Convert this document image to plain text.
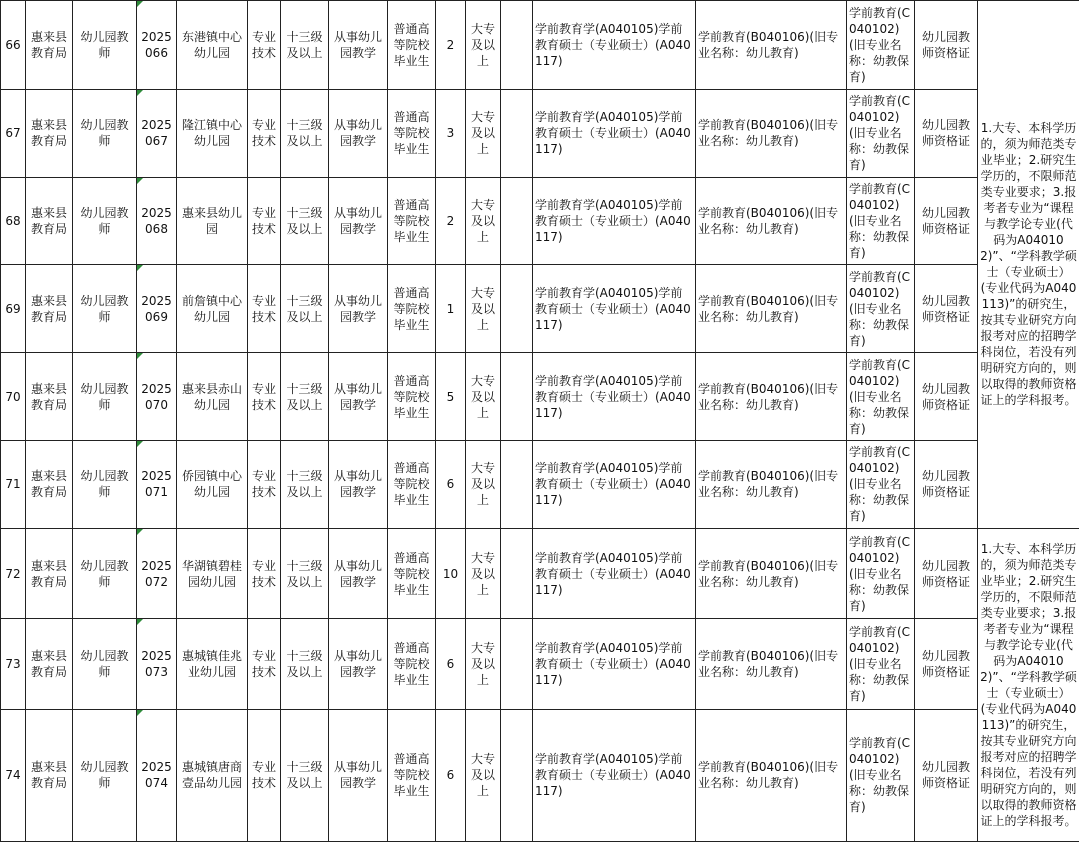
66	惠来县教育局	幼儿园教师	2025066	东港镇中心幼儿园	专业技术	十三级及以上	从事幼儿园教学	普通高等院校毕业生	2	大专及以上		学前教育学(A040105)学前教育硕士（专业硕士）(A040117)	学前教育(B040106)(旧专业名称：幼儿教育)	学前教育(C040102)(旧专业名称：幼教保育)	幼儿园教师资格证	1.大专、本科学历的，须为师范类专业毕业；2.研究生学历的，不限师范类专业要求；3.报考者专业为“课程与教学论专业(代码为A040102)”、“学科教学硕士（专业硕士）(专业代码为A040113)”的研究生，按其专业研究方向报考对应的招聘学科岗位，若没有列明研究方向的，则以取得的教师资格证上的学科报考。
67	惠来县教育局	幼儿园教师	2025067	隆江镇中心幼儿园	专业技术	十三级及以上	从事幼儿园教学	普通高等院校毕业生	3	大专及以上		学前教育学(A040105)学前教育硕士（专业硕士）(A040117)	学前教育(B040106)(旧专业名称：幼儿教育)	学前教育(C040102)(旧专业名称：幼教保育)	幼儿园教师资格证	
68	惠来县教育局	幼儿园教师	2025068	惠来县幼儿园	专业技术	十三级及以上	从事幼儿园教学	普通高等院校毕业生	2	大专及以上		学前教育学(A040105)学前教育硕士（专业硕士）(A040117)	学前教育(B040106)(旧专业名称：幼儿教育)	学前教育(C040102)(旧专业名称：幼教保育)	幼儿园教师资格证	
69	惠来县教育局	幼儿园教师	2025069	前詹镇中心幼儿园	专业技术	十三级及以上	从事幼儿园教学	普通高等院校毕业生	1	大专及以上		学前教育学(A040105)学前教育硕士（专业硕士）(A040117)	学前教育(B040106)(旧专业名称：幼儿教育)	学前教育(C040102)(旧专业名称：幼教保育)	幼儿园教师资格证	
70	惠来县教育局	幼儿园教师	2025070	惠来县赤山幼儿园	专业技术	十三级及以上	从事幼儿园教学	普通高等院校毕业生	5	大专及以上		学前教育学(A040105)学前教育硕士（专业硕士）(A040117)	学前教育(B040106)(旧专业名称：幼儿教育)	学前教育(C040102)(旧专业名称：幼教保育)	幼儿园教师资格证	
71	惠来县教育局	幼儿园教师	2025071	侨园镇中心幼儿园	专业技术	十三级及以上	从事幼儿园教学	普通高等院校毕业生	6	大专及以上		学前教育学(A040105)学前教育硕士（专业硕士）(A040117)	学前教育(B040106)(旧专业名称：幼儿教育)	学前教育(C040102)(旧专业名称：幼教保育)	幼儿园教师资格证	
72	惠来县教育局	幼儿园教师	2025072	华湖镇碧桂园幼儿园	专业技术	十三级及以上	从事幼儿园教学	普通高等院校毕业生	10	大专及以上		学前教育学(A040105)学前教育硕士（专业硕士）(A040117)	学前教育(B040106)(旧专业名称：幼儿教育)	学前教育(C040102)(旧专业名称：幼教保育)	幼儿园教师资格证	1.大专、本科学历的，须为师范类专业毕业；2.研究生学历的，不限师范类专业要求；3.报考者专业为“课程与教学论专业(代码为A040102)”、“学科教学硕士（专业硕士）(专业代码为A040113)”的研究生，按其专业研究方向报考对应的招聘学科岗位，若没有列明研究方向的，则以取得的教师资格证上的学科报考。
73	惠来县教育局	幼儿园教师	2025073	惠城镇佳兆业幼儿园	专业技术	十三级及以上	从事幼儿园教学	普通高等院校毕业生	6	大专及以上		学前教育学(A040105)学前教育硕士（专业硕士）(A040117)	学前教育(B040106)(旧专业名称：幼儿教育)	学前教育(C040102)(旧专业名称：幼教保育)	幼儿园教师资格证	
74	惠来县教育局	幼儿园教师	2025074	惠城镇唐商壹品幼儿园	专业技术	十三级及以上	从事幼儿园教学	普通高等院校毕业生	6	大专及以上		学前教育学(A040105)学前教育硕士（专业硕士）(A040117)	学前教育(B040106)(旧专业名称：幼儿教育)	学前教育(C040102)(旧专业名称：幼教保育)	幼儿园教师资格证	
